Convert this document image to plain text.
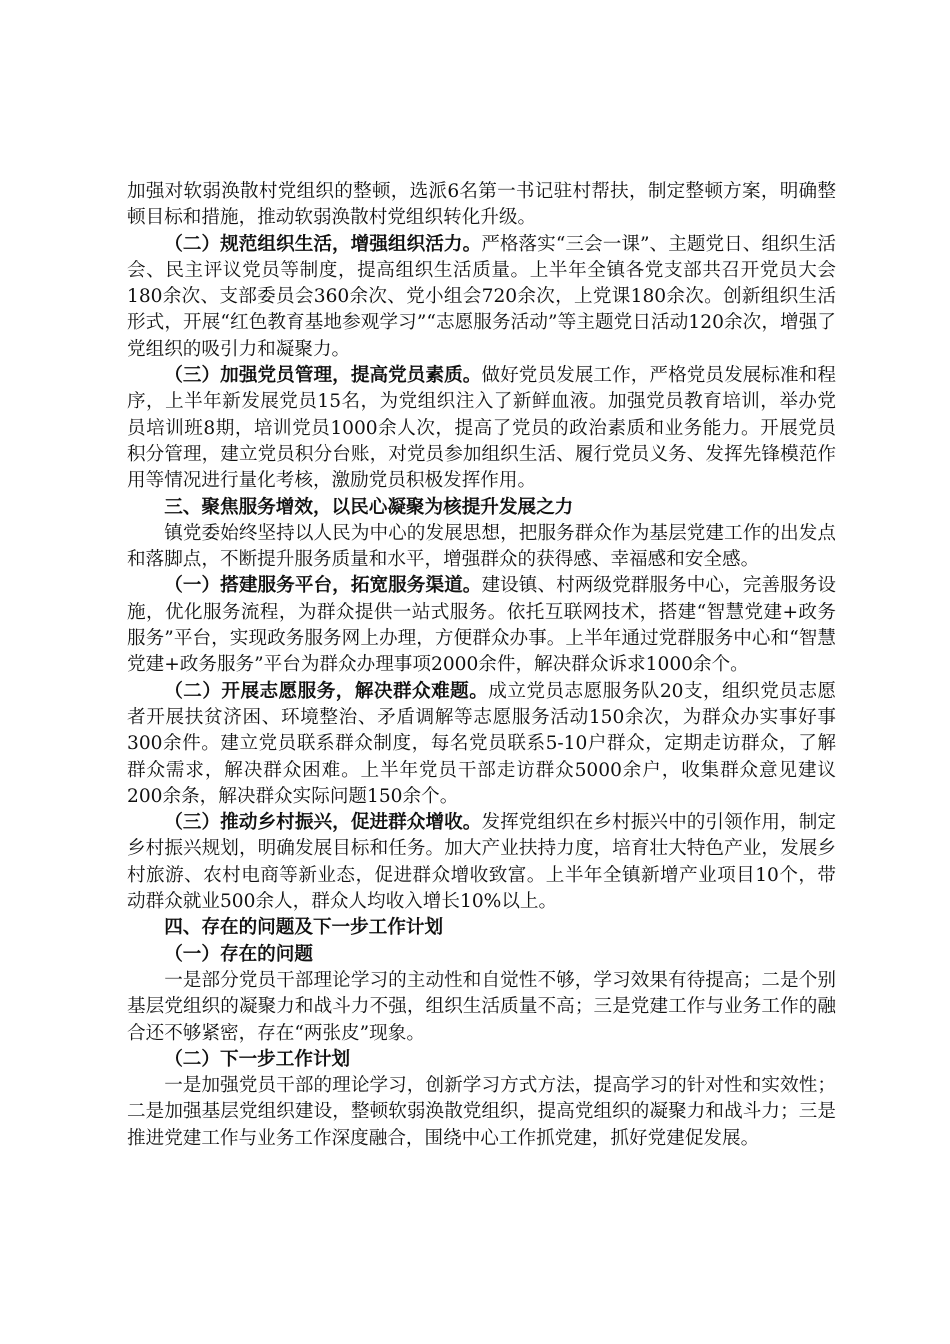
加强对软弱涣散村党组织的整顿，选派6名第一书记驻村帮扶，制定整顿方案，明确整顿目标和措施，推动软弱涣散村党组织转化升级。

（二）规范组织生活，增强组织活力。严格落实“三会一课”、主题党日、组织生活会、民主评议党员等制度，提高组织生活质量。上半年全镇各党支部共召开党员大会180余次、支部委员会360余次、党小组会720余次，上党课180余次。创新组织生活形式，开展“红色教育基地参观学习”“志愿服务活动”等主题党日活动120余次，增强了党组织的吸引力和凝聚力。

（三）加强党员管理，提高党员素质。做好党员发展工作，严格党员发展标准和程序，上半年新发展党员15名，为党组织注入了新鲜血液。加强党员教育培训，举办党员培训班8期，培训党员1000余人次，提高了党员的政治素质和业务能力。开展党员积分管理，建立党员积分台账，对党员参加组织生活、履行党员义务、发挥先锋模范作用等情况进行量化考核，激励党员积极发挥作用。

三、聚焦服务增效，以民心凝聚为核提升发展之力

镇党委始终坚持以人民为中心的发展思想，把服务群众作为基层党建工作的出发点和落脚点，不断提升服务质量和水平，增强群众的获得感、幸福感和安全感。

（一）搭建服务平台，拓宽服务渠道。建设镇、村两级党群服务中心，完善服务设施，优化服务流程，为群众提供一站式服务。依托互联网技术，搭建“智慧党建+政务服务”平台，实现政务服务网上办理，方便群众办事。上半年通过党群服务中心和“智慧党建+政务服务”平台为群众办理事项2000余件，解决群众诉求1000余个。

（二）开展志愿服务，解决群众难题。成立党员志愿服务队20支，组织党员志愿者开展扶贫济困、环境整治、矛盾调解等志愿服务活动150余次，为群众办实事好事300余件。建立党员联系群众制度，每名党员联系5-10户群众，定期走访群众，了解群众需求，解决群众困难。上半年党员干部走访群众5000余户，收集群众意见建议200余条，解决群众实际问题150余个。

（三）推动乡村振兴，促进群众增收。发挥党组织在乡村振兴中的引领作用，制定乡村振兴规划，明确发展目标和任务。加大产业扶持力度，培育壮大特色产业，发展乡村旅游、农村电商等新业态，促进群众增收致富。上半年全镇新增产业项目10个，带动群众就业500余人，群众人均收入增长10%以上。

四、存在的问题及下一步工作计划
（一）存在的问题

一是部分党员干部理论学习的主动性和自觉性不够，学习效果有待提高；二是个别基层党组织的凝聚力和战斗力不强，组织生活质量不高；三是党建工作与业务工作的融合还不够紧密，存在“两张皮”现象。

（二）下一步工作计划

一是加强党员干部的理论学习，创新学习方式方法，提高学习的针对性和实效性；二是加强基层党组织建设，整顿软弱涣散党组织，提高党组织的凝聚力和战斗力；三是推进党建工作与业务工作深度融合，围绕中心工作抓党建，抓好党建促发展。
